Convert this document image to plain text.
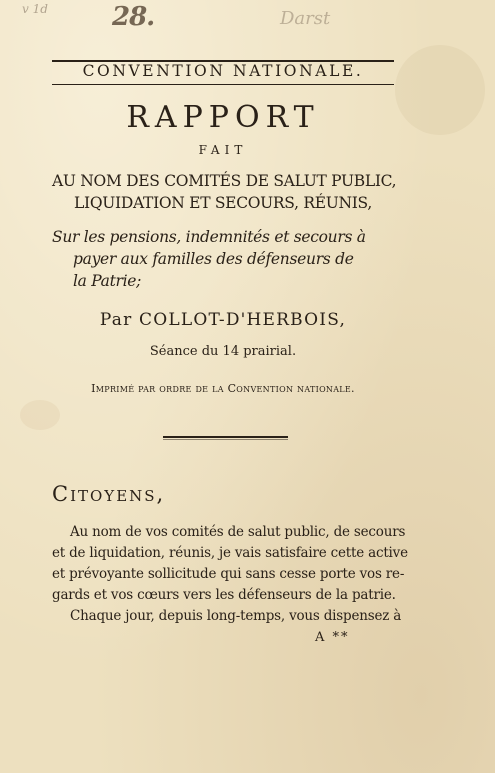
v 1d 28.	Darst

CONVENTION NATIONALE.

RAPPORT

FAIT

AU NOM DES COMITÉS DE SALUT PUBLIC,

LIQUIDATION ET SECOURS, RÉUNIS,

Sur les pensions, indemnités et secours à

payer aux familles des défenseurs de

la Patrie;

Par COLLOT-D'HERBOIS,

Séance du 14 prairial.

Imprimé par ordre de la Convention nationale.

Citoyens,

Au nom de vos comités de salut public, de secours

et de liquidation, réunis, je vais satisfaire cette active

et prévoyante sollicitude qui sans cesse porte vos re-

gards et vos cœurs vers les défenseurs de la patrie.

Chaque jour, depuis long-temps, vous dispensez à

A **
